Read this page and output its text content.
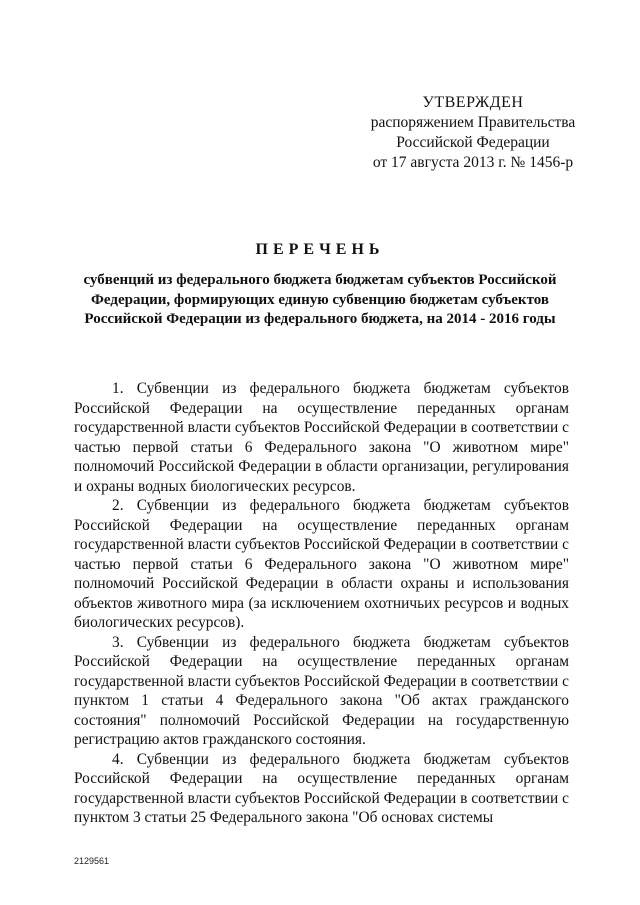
УТВЕРЖДЕН
распоряжением Правительства
Российской Федерации
от 17 августа 2013 г. № 1456-р
ПЕРЕЧЕНЬ
субвенций из федерального бюджета бюджетам субъектов Российской Федерации, формирующих единую субвенцию бюджетам субъектов Российской Федерации из федерального бюджета, на 2014 - 2016 годы

1. Субвенции из федерального бюджета бюджетам субъектов Российской Федерации на осуществление переданных органам государственной власти субъектов Российской Федерации в соответствии с частью первой статьи 6 Федерального закона "О животном мире" полномочий Российской Федерации в области организации, регулирования и охраны водных биологических ресурсов.

2. Субвенции из федерального бюджета бюджетам субъектов Российской Федерации на осуществление переданных органам государственной власти субъектов Российской Федерации в соответствии с частью первой статьи 6 Федерального закона "О животном мире" полномочий Российской Федерации в области охраны и использования объектов животного мира (за исключением охотничьих ресурсов и водных биологических ресурсов).

3. Субвенции из федерального бюджета бюджетам субъектов Российской Федерации на осуществление переданных органам государственной власти субъектов Российской Федерации в соответствии с пунктом 1 статьи 4 Федерального закона "Об актах гражданского состояния" полномочий Российской Федерации на государственную регистрацию актов гражданского состояния.

4. Субвенции из федерального бюджета бюджетам субъектов Российской Федерации на осуществление переданных органам государственной власти субъектов Российской Федерации в соответствии с пунктом 3 статьи 25 Федерального закона "Об основах системы

2129561
